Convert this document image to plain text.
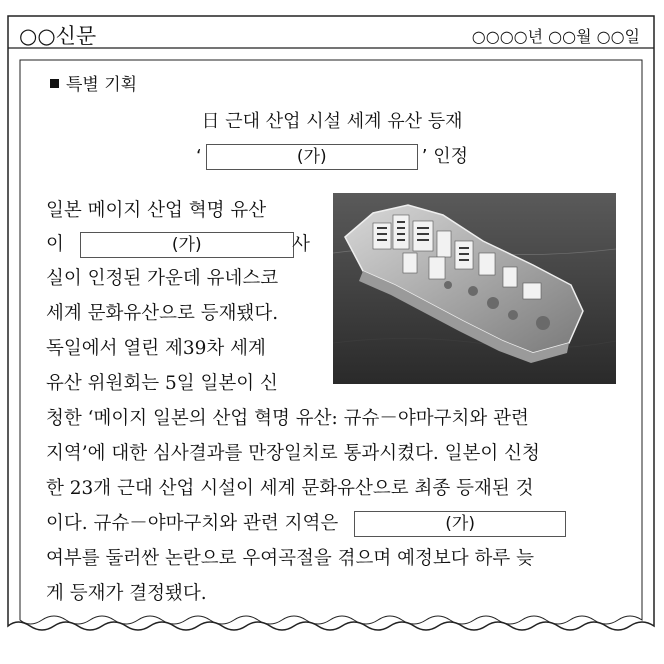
○○신문	○○○○년 ○○월 ○○일
특별 기획
日 근대 산업 시설 세계 유산 등재
‘	(가)	’ 인정
일본 메이지 산업 혁명 유산
이	(가)	사
실이 인정된 가운데 유네스코
세계 문화유산으로 등재됐다.
독일에서 열린 제39차 세계
유산 위원회는 5일 일본이 신
청한 ‘메이지 일본의 산업 혁명 유산: 규슈－야마구치와 관련
지역’에 대한 심사결과를 만장일치로 통과시켰다. 일본이 신청
한 23개 근대 산업 시설이 세계 문화유산으로 최종 등재된 것
이다. 규슈－야마구치와 관련 지역은	(가)
여부를 둘러싼 논란으로 우여곡절을 겪으며 예정보다 하루 늦
게 등재가 결정됐다.
